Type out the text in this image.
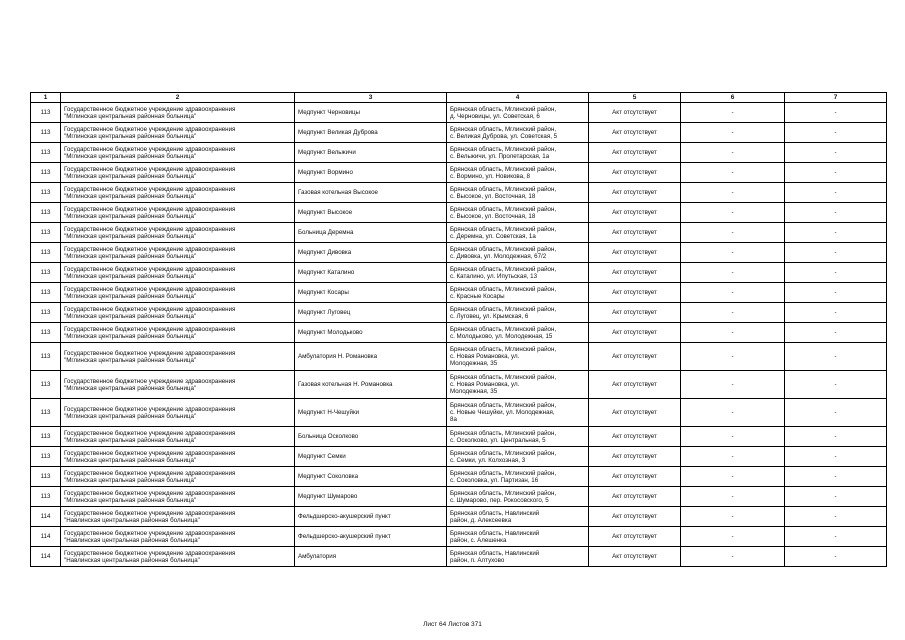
1	2	3	4	5	6	7
113	Государственное бюджетное учреждение здравоохранения
"Мглинская центральная районная больница"	Медпункт Черновицы	Брянская область, Мглинский район,
д. Черновицы, ул. Советская, 6	Акт отсутствует	-	-
113	Государственное бюджетное учреждение здравоохранения
"Мглинская центральная районная больница"	Медпункт Великая Дуброва	Брянская область, Мглинский район,
с. Великая Дуброва, ул. Советская, 5	Акт отсутствует	-	-
113	Государственное бюджетное учреждение здравоохранения
"Мглинская центральная районная больница"	Медпункт Вельжичи	Брянская область, Мглинский район,
с. Вельжичи, ул. Пролетарская, 1а	Акт отсутствует	-	-
113	Государственное бюджетное учреждение здравоохранения
"Мглинская центральная районная больница"	Медпункт Вормино	Брянская область, Мглинский район,
с. Вормино, ул. Новикова, 8	Акт отсутствует	-	-
113	Государственное бюджетное учреждение здравоохранения
"Мглинская центральная районная больница"	Газовая котельная Высокое	Брянская область, Мглинский район,
с. Высокое, ул. Восточная, 18	Акт отсутствует	-	-
113	Государственное бюджетное учреждение здравоохранения
"Мглинская центральная районная больница"	Медпункт Высокое	Брянская область, Мглинский район,
с. Высокое, ул. Восточная, 18	Акт отсутствует	-	-
113	Государственное бюджетное учреждение здравоохранения
"Мглинская центральная районная больница"	Больница Деремна	Брянская область, Мглинский район,
с. Деремна, ул. Советская, 1а	Акт отсутствует	-	-
113	Государственное бюджетное учреждение здравоохранения
"Мглинская центральная районная больница"	Медпункт Дивовка	Брянская область, Мглинский район,
с. Дивовка, ул. Молодежная, 67/2	Акт отсутствует	-	-
113	Государственное бюджетное учреждение здравоохранения
"Мглинская центральная районная больница"	Медпункт Каталино	Брянская область, Мглинский район,
с. Каталино, ул. Ипутьская, 13	Акт отсутствует	-	-
113	Государственное бюджетное учреждение здравоохранения
"Мглинская центральная районная больница"	Медпункт Косары	Брянская область, Мглинский район,
с. Красные Косары	Акт отсутствует	-	-
113	Государственное бюджетное учреждение здравоохранения
"Мглинская центральная районная больница"	Медпункт Луговец	Брянская область, Мглинский район,
с. Луговец, ул. Крымская, 6	Акт отсутствует	-	-
113	Государственное бюджетное учреждение здравоохранения
"Мглинская центральная районная больница"	Медпункт Молодьково	Брянская область, Мглинский район,
с. Молодьково, ул. Молодежная, 15	Акт отсутствует	-	-
113	Государственное бюджетное учреждение здравоохранения
"Мглинская центральная районная больница"	Амбулатория Н. Романовка	Брянская область, Мглинский район,
с. Новая Романовка, ул.
Молодежная, 35	Акт отсутствует	-	-
113	Государственное бюджетное учреждение здравоохранения
"Мглинская центральная районная больница"	Газовая котельная Н. Романовка	Брянская область, Мглинский район,
с. Новая Романовка, ул.
Молодежная, 35	Акт отсутствует	-	-
113	Государственное бюджетное учреждение здравоохранения
"Мглинская центральная районная больница"	Медпункт Н-Чешуйки	Брянская область, Мглинский район,
с. Новые Чешуйки, ул. Молодежная,
8а	Акт отсутствует	-	-
113	Государственное бюджетное учреждение здравоохранения
"Мглинская центральная районная больница"	Больница Осколково	Брянская область, Мглинский район,
с. Осколково, ул. Центральная, 5	Акт отсутствует	-	-
113	Государственное бюджетное учреждение здравоохранения
"Мглинская центральная районная больница"	Медпункт Семки	Брянская область, Мглинский район,
с. Семки, ул. Колхозная, 3	Акт отсутствует	-	-
113	Государственное бюджетное учреждение здравоохранения
"Мглинская центральная районная больница"	Медпункт Соколовка	Брянская область, Мглинский район,
с. Соколовка, ул. Партизан, 16	Акт отсутствует	-	-
113	Государственное бюджетное учреждение здравоохранения
"Мглинская центральная районная больница"	Медпункт Шумарово	Брянская область, Мглинский район,
с. Шумарово, пер. Рокосовского, 5	Акт отсутствует	-	-
114	Государственное бюджетное учреждение здравоохранения
"Навлинская центральная районная больница"	Фельдшерско-акушерский пункт	Брянская область, Навлинский
район, д. Алексеевка	Акт отсутствует	-	-
114	Государственное бюджетное учреждение здравоохранения
"Навлинская центральная районная больница"	Фельдшерско-акушерский пункт	Брянская область, Навлинский
район, с. Алешенка	Акт отсутствует	-	-
114	Государственное бюджетное учреждение здравоохранения
"Навлинская центральная районная больница"	Амбулатория	Брянская область, Навлинский
район, п. Алтухово	Акт отсутствует	-	-
Лист 64 Листов 371
